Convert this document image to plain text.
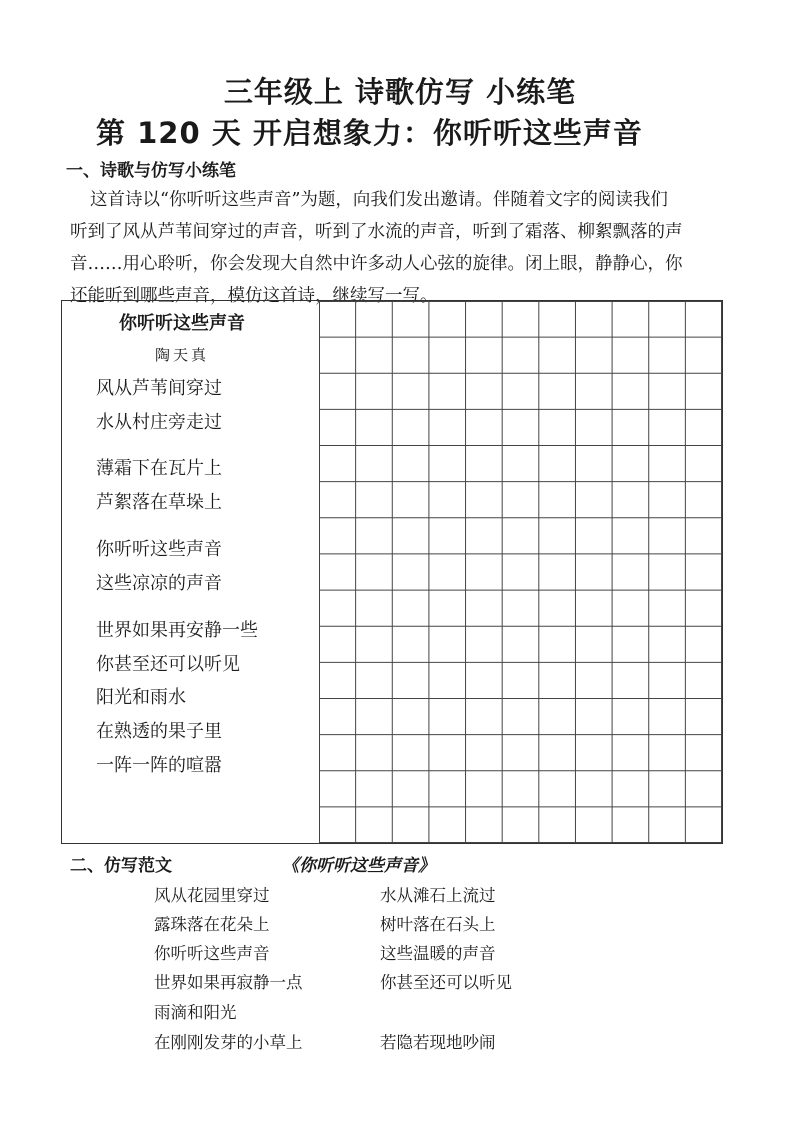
三年级上 诗歌仿写 小练笔
第 120 天 开启想象力：你听听这些声音
一、诗歌与仿写小练笔
这首诗以“你听听这些声音”为题，向我们发出邀请。伴随着文字的阅读我们
听到了风从芦苇间穿过的声音，听到了水流的声音，听到了霜落、柳絮飘落的声
音……用心聆听，你会发现大自然中许多动人心弦的旋律。闭上眼，静静心，你
还能听到哪些声音，模仿这首诗，继续写一写。
你听听这些声音
陶天真
风从芦苇间穿过
水从村庄旁走过
薄霜下在瓦片上
芦絮落在草垛上
你听听这些声音
这些凉凉的声音
世界如果再安静一些
你甚至还可以听见
阳光和雨水
在熟透的果子里
一阵一阵的喧嚣
二、仿写范文	《你听听这些声音》
风从花园里穿过	水从滩石上流过
露珠落在花朵上	树叶落在石头上
你听听这些声音	这些温暖的声音
世界如果再寂静一点	你甚至还可以听见
雨滴和阳光
在刚刚发芽的小草上	若隐若现地吵闹
